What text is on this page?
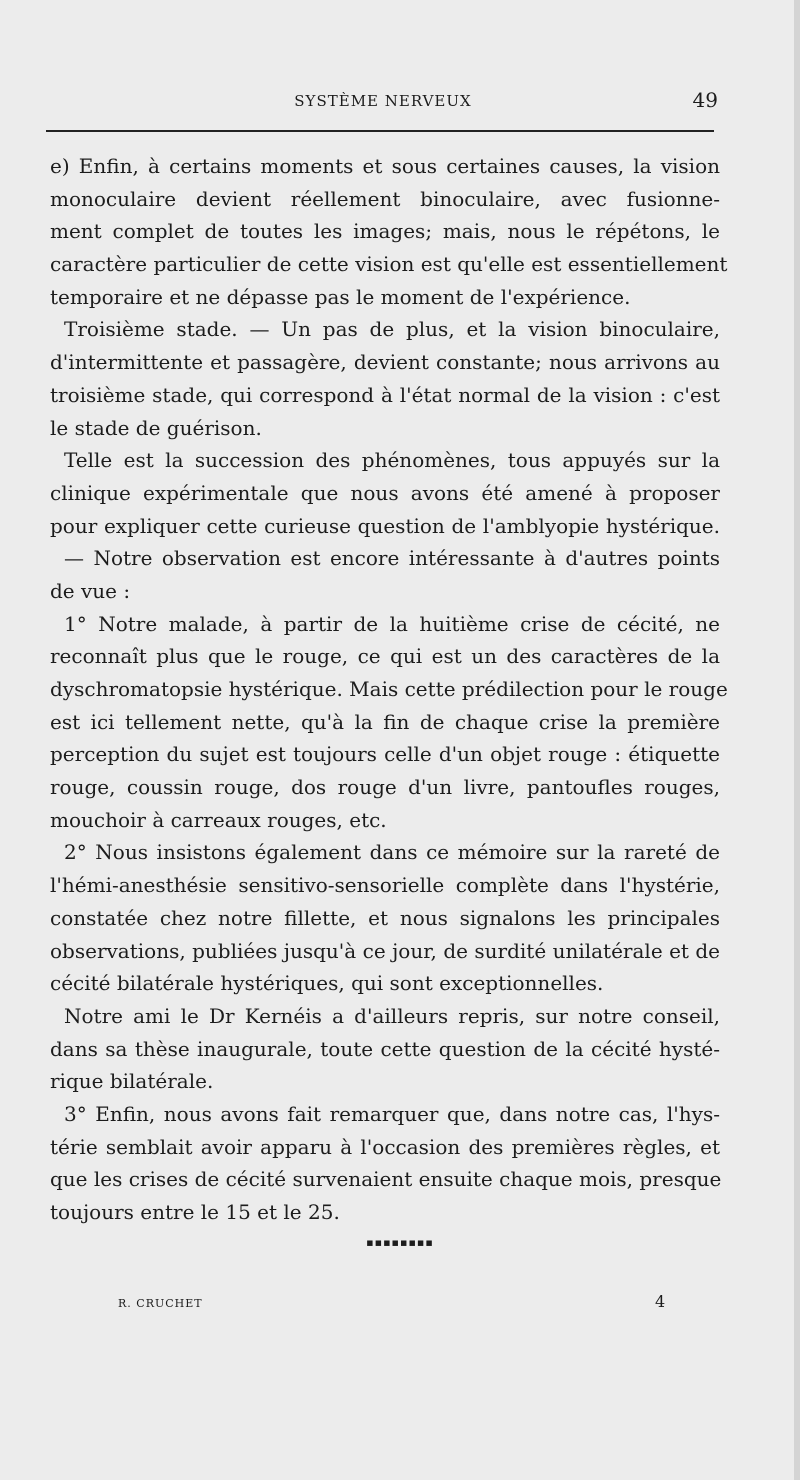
SYSTÈME NERVEUX	49
e) Enfin, à certains moments et sous certaines causes, la vision
monoculaire devient réellement binoculaire, avec fusionne-
ment complet de toutes les images; mais, nous le répétons, le
caractère particulier de cette vision est qu'elle est essentiellement
temporaire et ne dépasse pas le moment de l'expérience.
Troisième stade. — Un pas de plus, et la vision binoculaire,
d'intermittente et passagère, devient constante; nous arrivons au
troisième stade, qui correspond à l'état normal de la vision : c'est
le stade de guérison.
Telle est la succession des phénomènes, tous appuyés sur la
clinique expérimentale que nous avons été amené à proposer
pour expliquer cette curieuse question de l'amblyopie hystérique.
— Notre observation est encore intéressante à d'autres points
de vue :
1° Notre malade, à partir de la huitième crise de cécité, ne
reconnaît plus que le rouge, ce qui est un des caractères de la
dyschromatopsie hystérique. Mais cette prédilection pour le rouge
est ici tellement nette, qu'à la fin de chaque crise la première
perception du sujet est toujours celle d'un objet rouge : étiquette
rouge, coussin rouge, dos rouge d'un livre, pantoufles rouges,
mouchoir à carreaux rouges, etc.
2° Nous insistons également dans ce mémoire sur la rareté de
l'hémi-anesthésie sensitivo-sensorielle complète dans l'hystérie,
constatée chez notre fillette, et nous signalons les principales
observations, publiées jusqu'à ce jour, de surdité unilatérale et de
cécité bilatérale hystériques, qui sont exceptionnelles.
Notre ami le Dr Kernéis a d'ailleurs repris, sur notre conseil,
dans sa thèse inaugurale, toute cette question de la cécité hysté-
rique bilatérale.
3° Enfin, nous avons fait remarquer que, dans notre cas, l'hys-
térie semblait avoir apparu à l'occasion des premières règles, et
que les crises de cécité survenaient ensuite chaque mois, presque
toujours entre le 15 et le 25.
▪▪▪▪▪▪▪▪
R. CRUCHET	4
